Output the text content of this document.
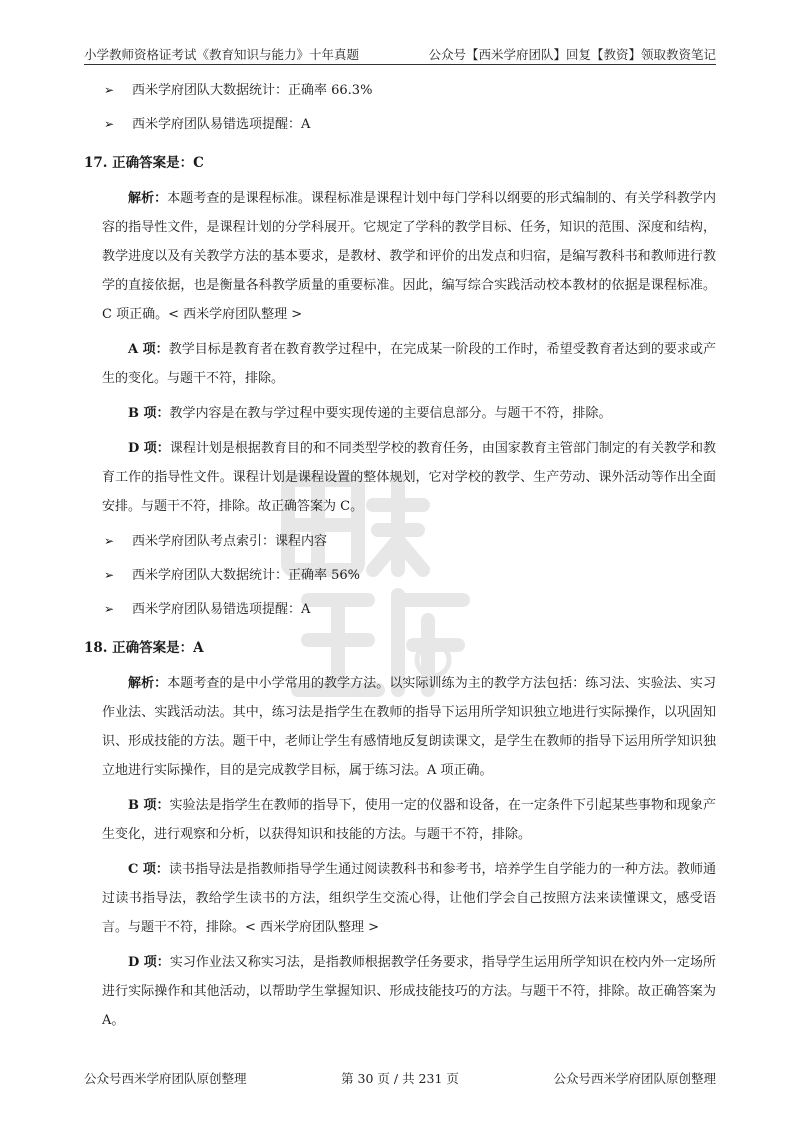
小学教师资格证考试《教育知识与能力》十年真题	公众号【西米学府团队】回复【教资】领取教资笔记
➢	西米学府团队大数据统计：正确率 66.3%
➢	西米学府团队易错选项提醒：A
17. 正确答案是：C

解析：本题考查的是课程标准。课程标准是课程计划中每门学科以纲要的形式编制的、有关学科教学内容的指导性文件，是课程计划的分学科展开。它规定了学科的教学目标、任务，知识的范围、深度和结构，教学进度以及有关教学方法的基本要求，是教材、教学和评价的出发点和归宿，是编写教科书和教师进行教学的直接依据，也是衡量各科教学质量的重要标准。因此，编写综合实践活动校本教材的依据是课程标准。C 项正确。< 西米学府团队整理 >

A 项：教学目标是教育者在教育教学过程中，在完成某一阶段的工作时，希望受教育者达到的要求或产生的变化。与题干不符，排除。

B 项：教学内容是在教与学过程中要实现传递的主要信息部分。与题干不符，排除。

D 项：课程计划是根据教育目的和不同类型学校的教育任务，由国家教育主管部门制定的有关教学和教育工作的指导性文件。课程计划是课程设置的整体规划，它对学校的教学、生产劳动、课外活动等作出全面安排。与题干不符，排除。故正确答案为 C。

➢	西米学府团队考点索引：课程内容
➢	西米学府团队大数据统计：正确率 56%
➢	西米学府团队易错选项提醒：A
18. 正确答案是：A

解析：本题考查的是中小学常用的教学方法。以实际训练为主的教学方法包括：练习法、实验法、实习作业法、实践活动法。其中，练习法是指学生在教师的指导下运用所学知识独立地进行实际操作，以巩固知识、形成技能的方法。题干中，老师让学生有感情地反复朗读课文，是学生在教师的指导下运用所学知识独立地进行实际操作，目的是完成教学目标，属于练习法。A 项正确。

B 项：实验法是指学生在教师的指导下，使用一定的仪器和设备，在一定条件下引起某些事物和现象产生变化，进行观察和分析，以获得知识和技能的方法。与题干不符，排除。

C 项：读书指导法是指教师指导学生通过阅读教科书和参考书，培养学生自学能力的一种方法。教师通过读书指导法，教给学生读书的方法，组织学生交流心得，让他们学会自己按照方法来读懂课文，感受语言。与题干不符，排除。< 西米学府团队整理 >

D 项：实习作业法又称实习法，是指教师根据教学任务要求，指导学生运用所学知识在校内外一定场所进行实际操作和其他活动，以帮助学生掌握知识、形成技能技巧的方法。与题干不符，排除。故正确答案为 A。

公众号西米学府团队原创整理	第 30 页 / 共 231 页	公众号西米学府团队原创整理
